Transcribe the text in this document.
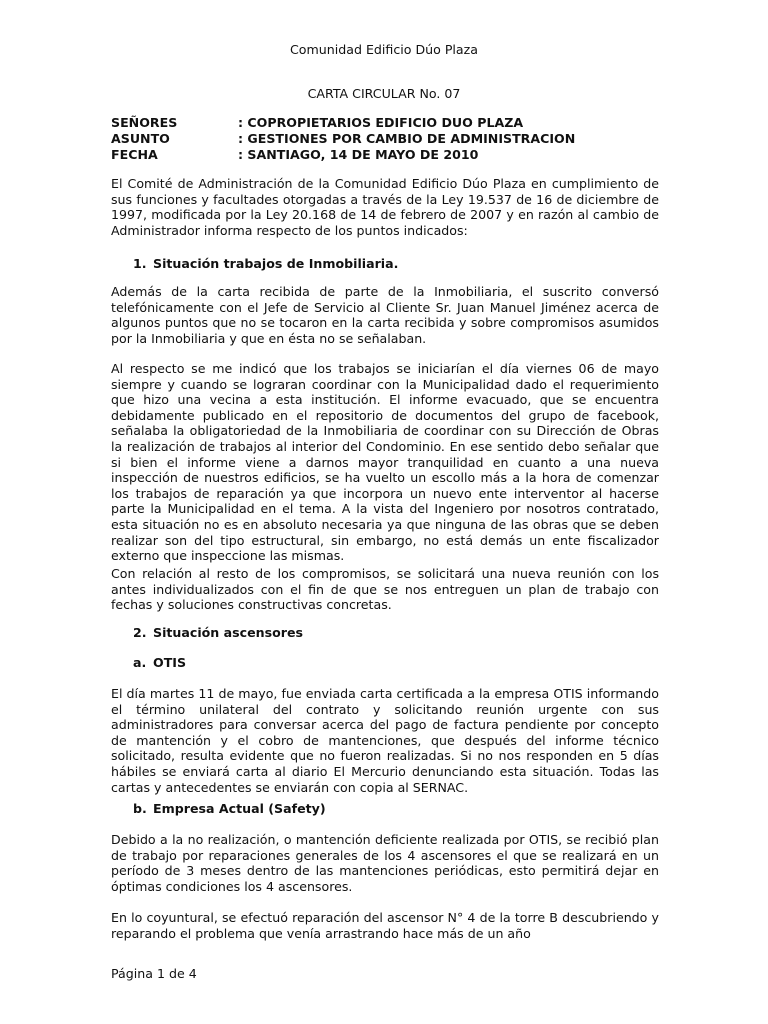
Comunidad Edificio Dúo Plaza
CARTA CIRCULAR No. 07
SEÑORES	: COPROPIETARIOS EDIFICIO DUO PLAZA
ASUNTO	: GESTIONES POR CAMBIO DE ADMINISTRACION
FECHA	: SANTIAGO, 14 DE MAYO DE 2010

El Comité de Administración de la Comunidad Edificio Dúo Plaza en cumplimiento de sus funciones y facultades otorgadas a través de la Ley 19.537 de 16 de diciembre de 1997, modificada por la Ley 20.168 de 14 de febrero de 2007 y en razón al cambio de Administrador informa respecto de los puntos indicados:

1. Situación trabajos de Inmobiliaria.

Además de la carta recibida de parte de la Inmobiliaria, el suscrito conversó telefónicamente con el Jefe de Servicio al Cliente Sr. Juan Manuel Jiménez acerca de algunos puntos que no se tocaron en la carta recibida y sobre compromisos asumidos por la Inmobiliaria y que en ésta no se señalaban.

Al respecto se me indicó que los trabajos se iniciarían el día viernes 06 de mayo siempre y cuando se lograran coordinar con la Municipalidad dado el requerimiento que hizo una vecina a esta institución. El informe evacuado, que se encuentra debidamente publicado en el repositorio de documentos del grupo de facebook, señalaba la obligatoriedad de la Inmobiliaria de coordinar con su Dirección de Obras la realización de trabajos al interior del Condominio. En ese sentido debo señalar que si bien el informe viene a darnos mayor tranquilidad en cuanto a una nueva inspección de nuestros edificios, se ha vuelto un escollo más a la hora de comenzar los trabajos de reparación ya que incorpora un nuevo ente interventor al hacerse parte la Municipalidad en el tema. A la vista del Ingeniero por nosotros contratado, esta situación no es en absoluto necesaria ya que ninguna de las obras que se deben realizar son del tipo estructural, sin embargo, no está demás un ente fiscalizador externo que inspeccione las mismas.

Con relación al resto de los compromisos, se solicitará una nueva reunión con los antes individualizados con el fin de que se nos entreguen un plan de trabajo con fechas y soluciones constructivas concretas.

2. Situación ascensores
a. OTIS

El día martes 11 de mayo, fue enviada carta certificada a la empresa OTIS informando el término unilateral del contrato y solicitando reunión urgente con sus administradores para conversar acerca del pago de factura pendiente por concepto de mantención y el cobro de mantenciones, que después del informe técnico solicitado, resulta evidente que no fueron realizadas. Si no nos responden en 5 días hábiles se enviará carta al diario El Mercurio denunciando esta situación. Todas las cartas y antecedentes se enviarán con copia al SERNAC.

b. Empresa Actual (Safety)

Debido a la no realización, o mantención deficiente realizada por OTIS, se recibió plan de trabajo por reparaciones generales de los 4 ascensores el que se realizará en un período de 3 meses dentro de las mantenciones periódicas, esto permitirá dejar en óptimas condiciones los 4 ascensores.

En lo coyuntural, se efectuó reparación del ascensor N° 4 de la torre B descubriendo y reparando el problema que venía arrastrando hace más de un año

Página 1 de 4
